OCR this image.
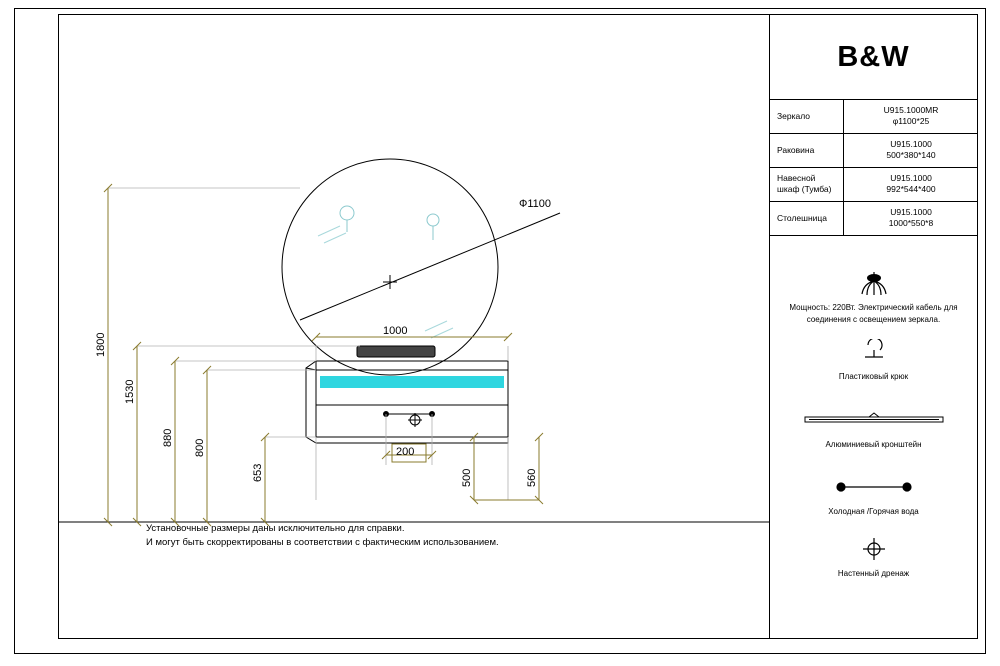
Ф1100
1000
1800
1530
880
800
653
200
500	560
Установочные размеры даны исключительно для справки.
И могут быть скорректированы в соответствии с фактическим использованием.
B&W
Зеркало	U915.1000MR
φ1100*25

Раковина	U915.1000
500*380*140

Навесной шкаф (Тумба)	U915.1000
992*544*400

Столешница	U915.1000
1000*550*8
Мощность: 220Вт. Электрический кабель для соединения с освещением зеркала.
Пластиковый крюк
Алюминиевый кронштейн
Холодная /Горячая вода
Настенный дренаж
